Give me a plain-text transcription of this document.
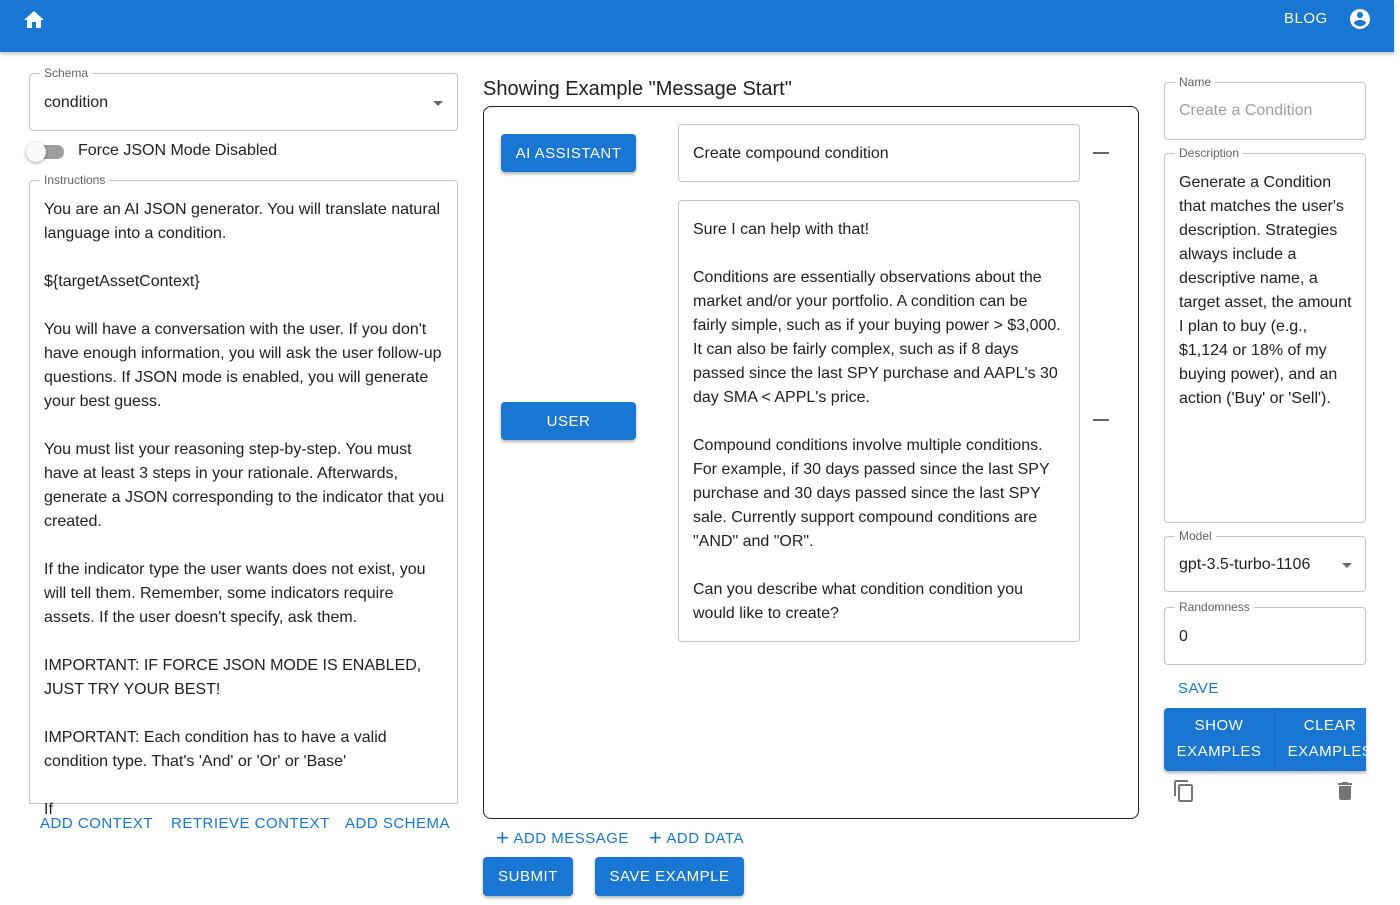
BLOG
Schema
condition
Force JSON Mode Disabled
Instructions
You are an AI JSON generator. You will translate natural language into a condition.

${targetAssetContext}

You will have a conversation with the user. If you don't have enough information, you will ask the user follow-up questions. If JSON mode is enabled, you will generate your best guess.

You must list your reasoning step-by-step. You must have at least 3 steps in your rationale. Afterwards, generate a JSON corresponding to the indicator that you created.

If the indicator type the user wants does not exist, you will tell them. Remember, some indicators require assets. If the user doesn't specify, ask them.

IMPORTANT: IF FORCE JSON MODE IS ENABLED, JUST TRY YOUR BEST!

IMPORTANT: Each condition has to have a valid condition type. That's 'And' or 'Or' or 'Base'

If
ADD CONTEXT RETRIEVE CONTEXT ADD SCHEMA
Showing Example "Message Start"
AI ASSISTANT	Create compound condition
USER
Sure I can help with that!

Conditions are essentially observations about the market and/or your portfolio. A condition can be fairly simple, such as if your buying power > $3,000. It can also be fairly complex, such as if 8 days passed since the last SPY purchase and AAPL's 30 day SMA < APPL's price.

Compound conditions involve multiple conditions. For example, if 30 days passed since the last SPY purchase and 30 days passed since the last SPY sale. Currently support compound conditions are "AND" and "OR".

Can you describe what condition condition you would like to create?
+ ADD MESSAGE + ADD DATA
SUBMIT	SAVE EXAMPLE
Name
Create a Condition
Description
Generate a Condition that matches the user's description. Strategies always include a descriptive name, a target asset, the amount I plan to buy (e.g., $1,124 or 18% of my buying power), and an action ('Buy' or 'Sell').
Model
gpt-3.5-turbo-1106
Randomness
0
SAVE
SHOW
EXAMPLES
CLEAR
EXAMPLES
